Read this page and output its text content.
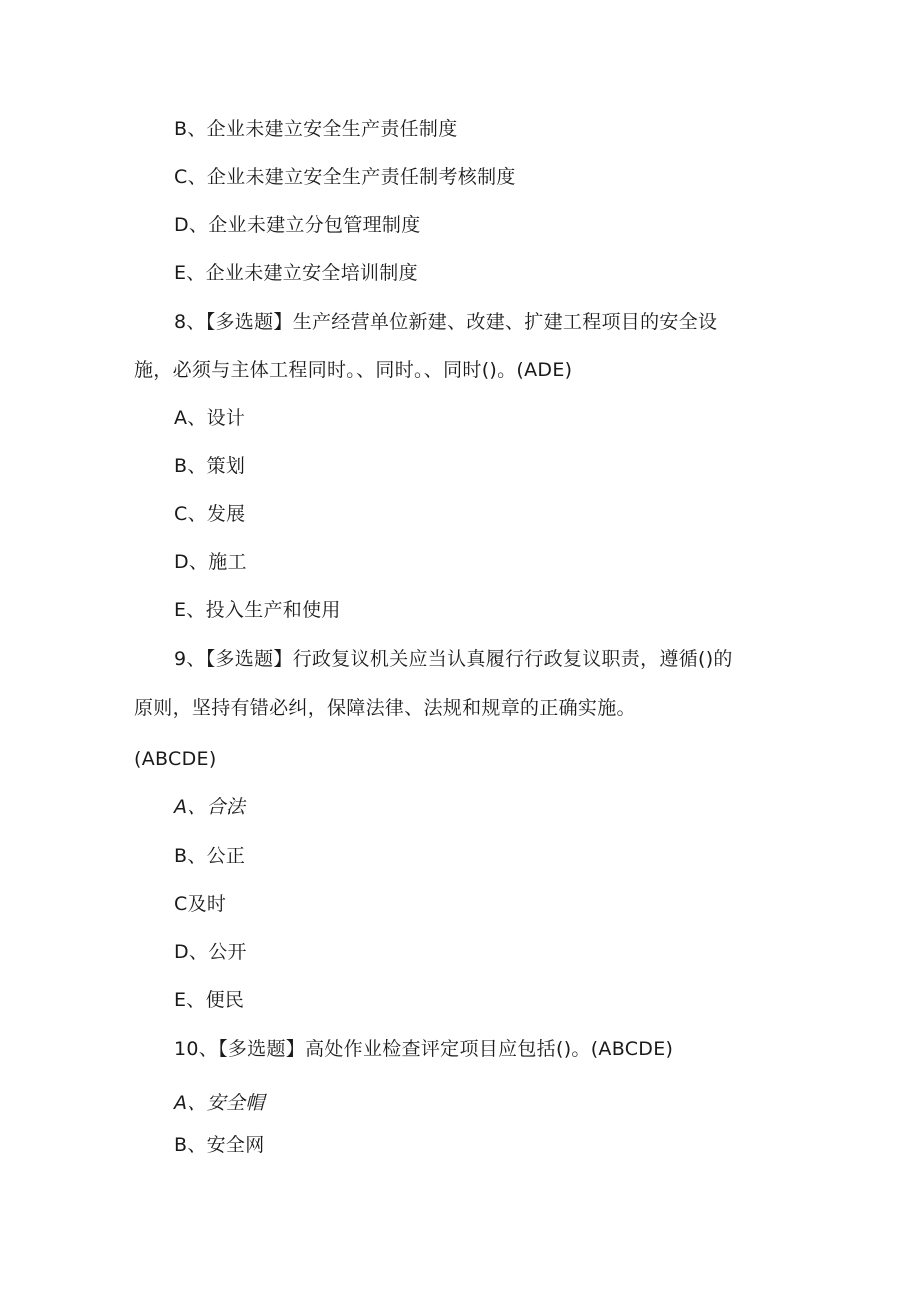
B、企业未建立安全生产责任制度
C、企业未建立安全生产责任制考核制度
D、企业未建立分包管理制度
E、企业未建立安全培训制度
8、【多选题】生产经营单位新建、改建、扩建工程项目的安全设
施，必须与主体工程同时。、同时。、同时()。(ADE)
A、设计
B、策划
C、发展
D、施工
E、投入生产和使用
9、【多选题】行政复议机关应当认真履行行政复议职责，遵循()的
原则，坚持有错必纠，保障法律、法规和规章的正确实施。
(ABCDE)
A、合法
B、公正
C及时
D、公开
E、便民
10、【多选题】高处作业检查评定项目应包括()。(ABCDE)
A、安全帽
B、安全网
